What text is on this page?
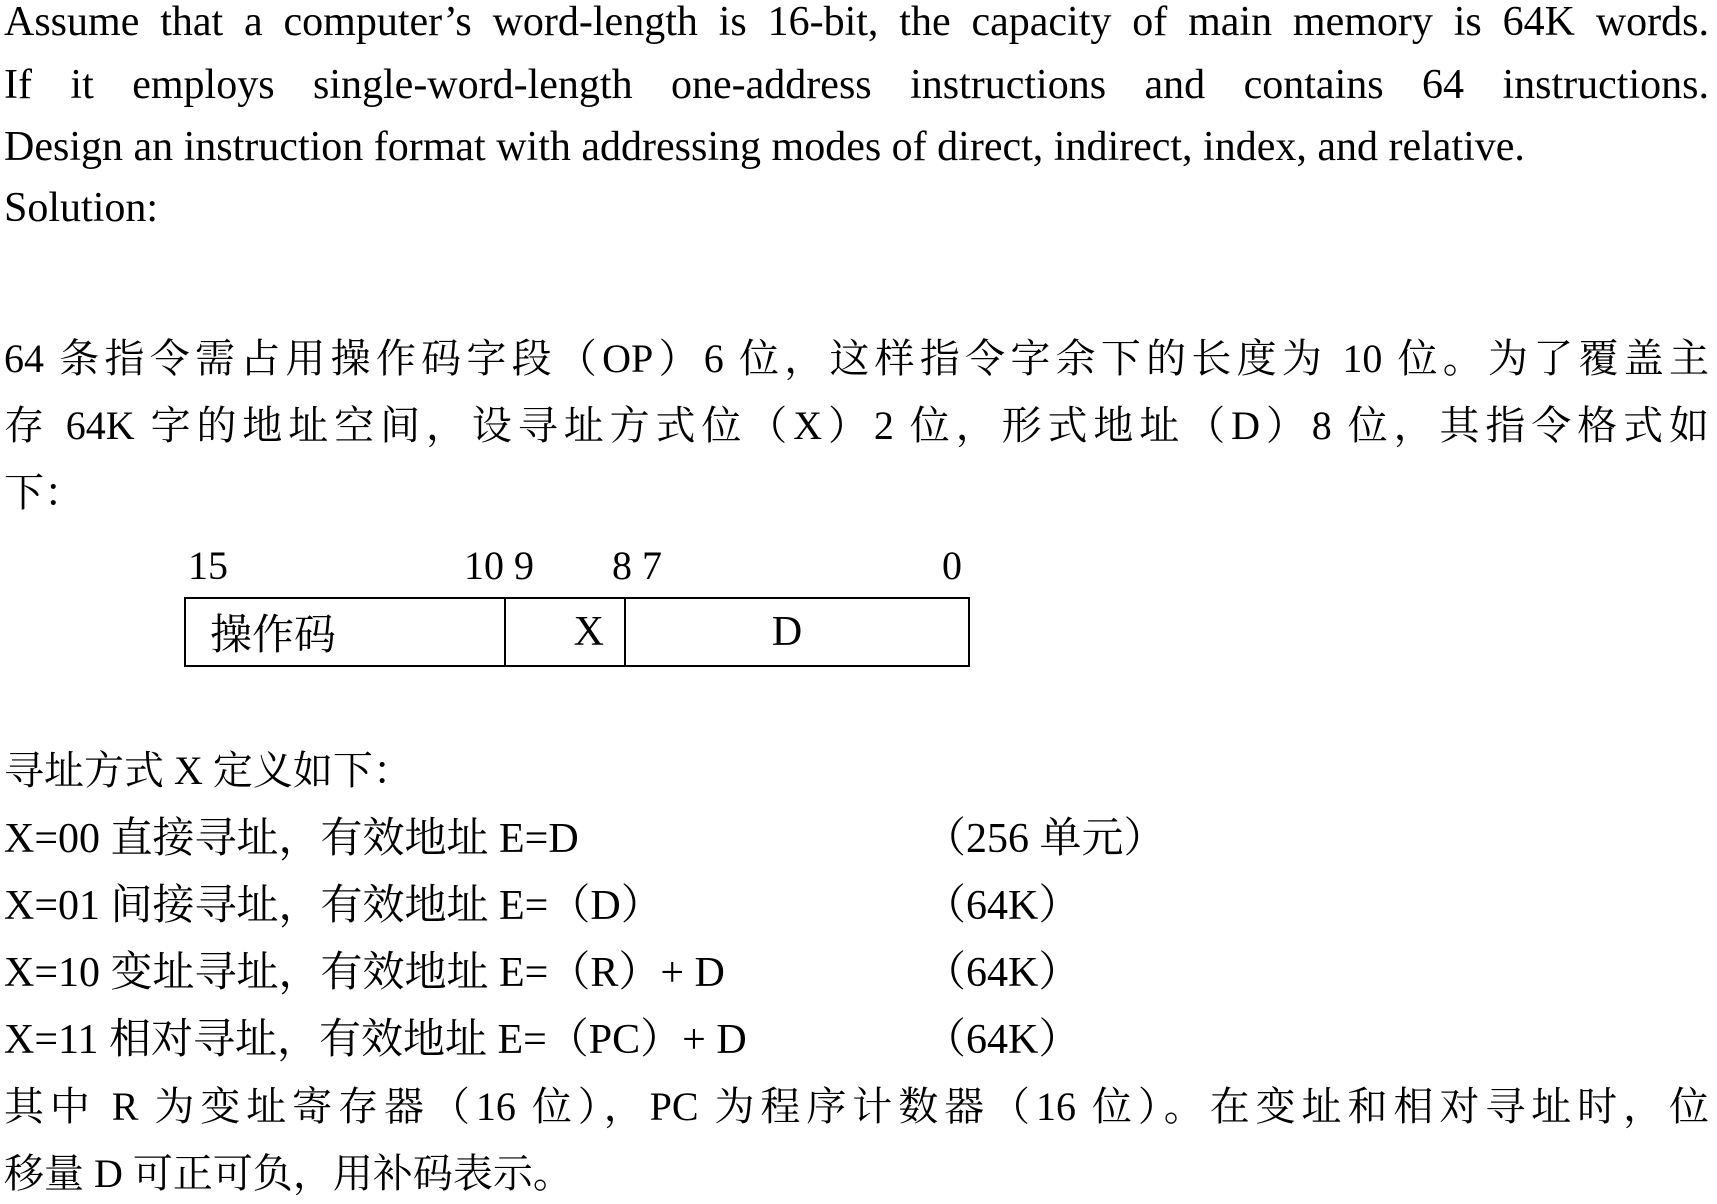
Assume that a computer’s word-length is 16-bit, the capacity of main memory is 64K words.
If it employs single-word-length one-address instructions and contains 64 instructions.
Design an instruction format with addressing modes of direct, indirect, index, and relative.
Solution:
64 条指令需占用操作码字段（OP）6 位，这样指令字余下的长度为 10 位。为了覆盖主
存 64K 字的地址空间，设寻址方式位（X）2 位，形式地址（D）8 位，其指令格式如
下：
15	10 9 8 7	0
操作码	X	D
寻址方式 X 定义如下：
X=00 直接寻址，有效地址 E=D	（256 单元）
X=01 间接寻址，有效地址 E=（D）	（64K）
X=10 变址寻址，有效地址 E=（R）+ D	（64K）
X=11 相对寻址，有效地址 E=（PC）+ D	（64K）
其中 R 为变址寄存器（16 位），PC 为程序计数器（16 位）。在变址和相对寻址时，位
移量 D 可正可负，用补码表示。
